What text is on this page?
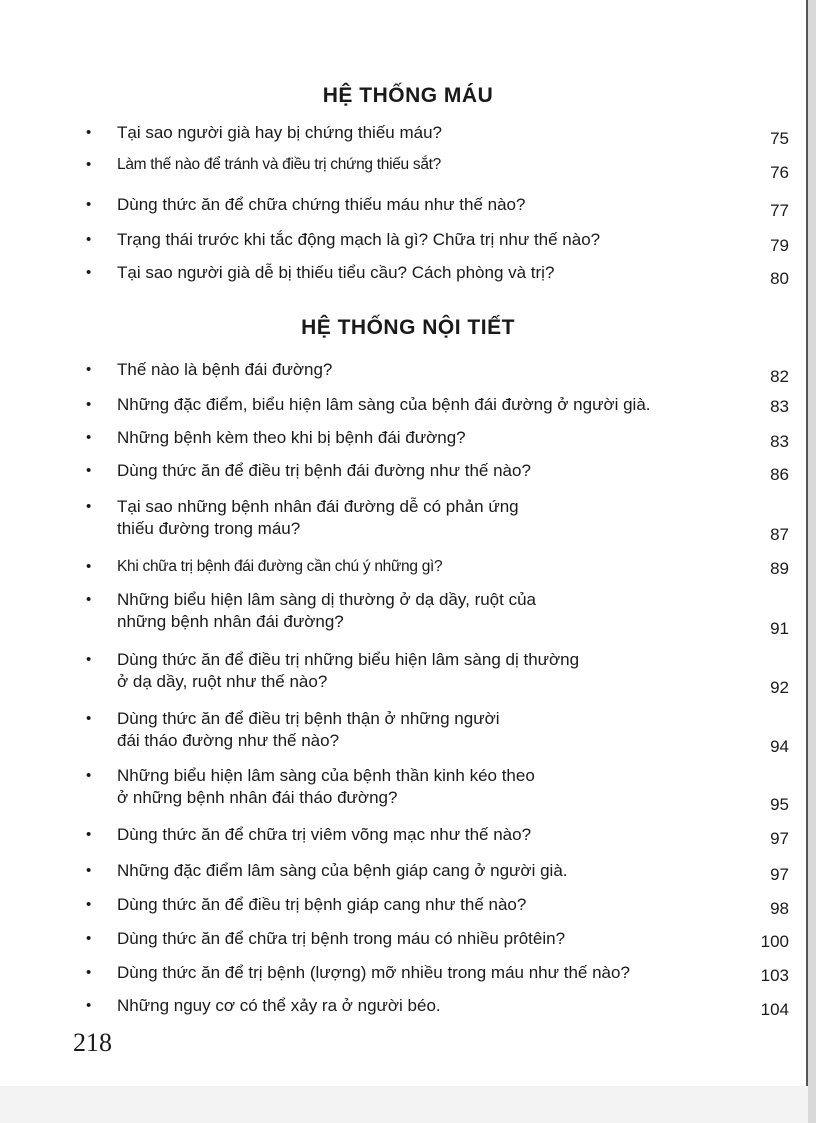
HỆ THỐNG MÁU
• Tại sao người già hay bị chứng thiếu máu?	75
• Làm thế nào để tránh và điều trị chứng thiếu sắt?	76
• Dùng thức ăn để chữa chứng thiếu máu như thế nào?	77
• Trạng thái trước khi tắc động mạch là gì? Chữa trị như thế nào?	79
• Tại sao người già dễ bị thiếu tiểu cầu? Cách phòng và trị?	80
HỆ THỐNG NỘI TIẾT
• Thế nào là bệnh đái đường?	82
• Những đặc điểm, biểu hiện lâm sàng của bệnh đái đường ở người già.	83
• Những bệnh kèm theo khi bị bệnh đái đường?	83
• Dùng thức ăn để điều trị bệnh đái đường như thế nào?	86
• Tại sao những bệnh nhân đái đường dễ có phản ứng
thiếu đường trong máu?	87
• Khi chữa trị bệnh đái đường cần chú ý những gì?	89
• Những biểu hiện lâm sàng dị thường ở dạ dầy, ruột của
những bệnh nhân đái đường?	91
• Dùng thức ăn để điều trị những biểu hiện lâm sàng dị thường
ở dạ dầy, ruột như thế nào?	92
• Dùng thức ăn để điều trị bệnh thận ở những người
đái tháo đường như thế nào?	94
• Những biểu hiện lâm sàng của bệnh thần kinh kéo theo
ở những bệnh nhân đái tháo đường?	95
• Dùng thức ăn để chữa trị viêm võng mạc như thế nào?	97
• Những đặc điểm lâm sàng của bệnh giáp cang ở người già.	97
• Dùng thức ăn để điều trị bệnh giáp cang như thế nào?	98
• Dùng thức ăn để chữa trị bệnh trong máu có nhiều prôtêin?	100
• Dùng thức ăn để trị bệnh (lượng) mỡ nhiều trong máu như thế nào?	103
• Những nguy cơ có thể xảy ra ở người béo.	104
218
